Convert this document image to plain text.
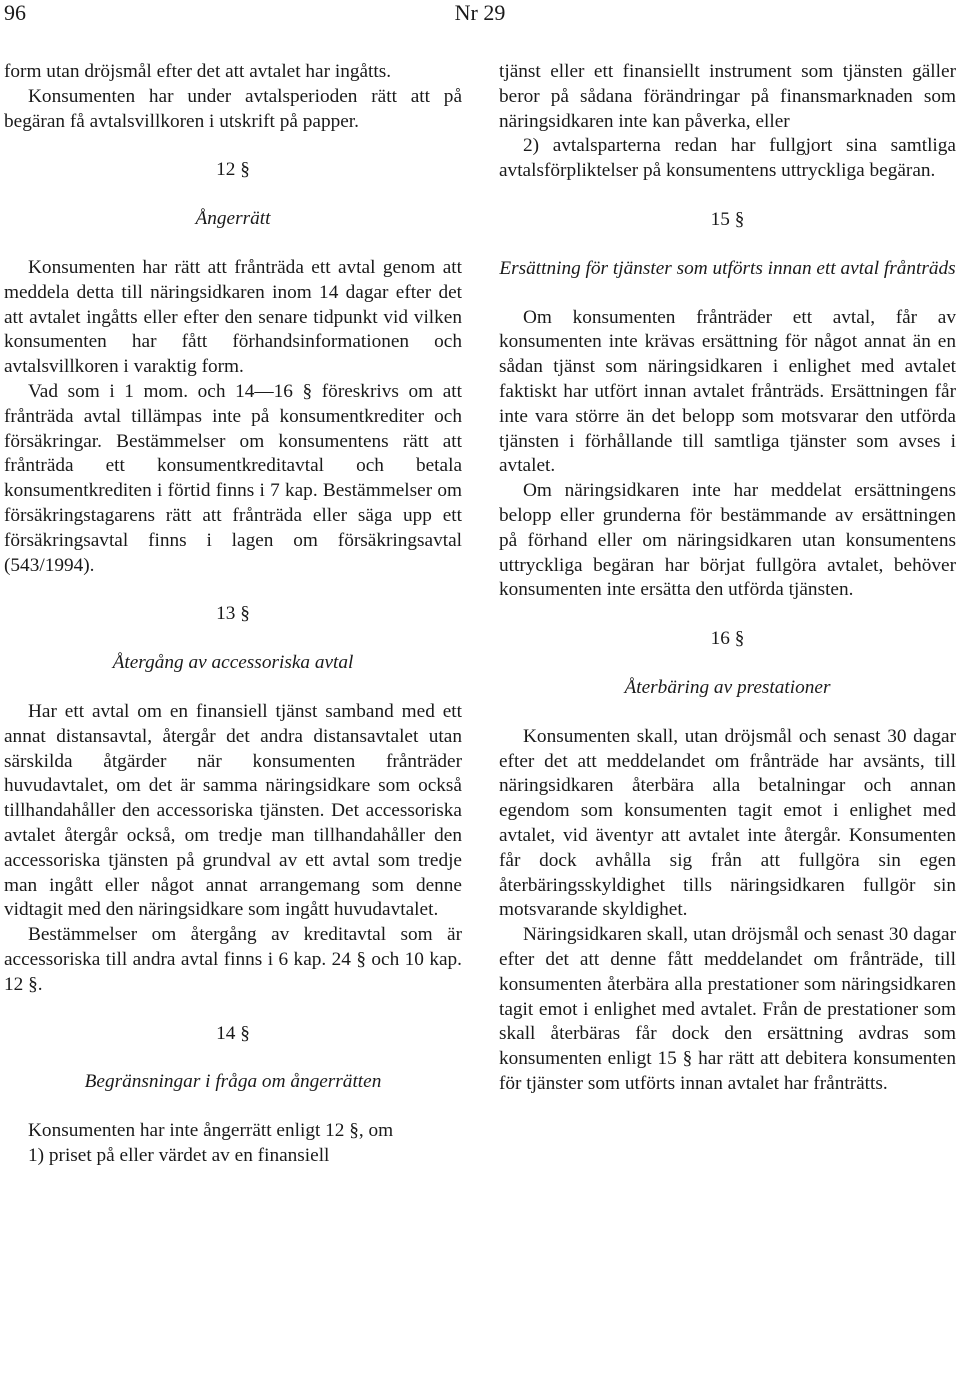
Nr 29
96

form utan dröjsmål efter det att avtalet har ingåtts.

Konsumenten har under avtalsperioden rätt att på begäran få avtalsvillkoren i utskrift på papper.

12 §
Ångerrätt

Konsumenten har rätt att frånträda ett avtal genom att meddela detta till näringsidkaren inom 14 dagar efter det att avtalet ingåtts eller efter den senare tidpunkt vid vilken konsumenten har fått förhandsinformationen och avtalsvillkoren i varaktig form.

Vad som i 1 mom. och 14—16 § föreskrivs om att frånträda avtal tillämpas inte på konsumentkrediter och försäkringar. Bestämmelser om konsumentens rätt att frånträda ett konsumentkreditavtal och betala konsumentkrediten i förtid finns i 7 kap. Bestämmelser om försäkringstagarens rätt att frånträda eller säga upp ett försäkringsavtal finns i lagen om försäkringsavtal (543/1994).

13 §
Återgång av accessoriska avtal

Har ett avtal om en finansiell tjänst samband med ett annat distansavtal, återgår det andra distansavtalet utan särskilda åtgärder när konsumenten frånträder huvudavtalet, om det är samma näringsidkare som också tillhandahåller den accessoriska tjänsten. Det accessoriska avtalet återgår också, om tredje man tillhandahåller den accessoriska tjänsten på grundval av ett avtal som tredje man ingått eller något annat arrangemang som denne vidtagit med den näringsidkare som ingått huvudavtalet.

Bestämmelser om återgång av kreditavtal som är accessoriska till andra avtal finns i 6 kap. 24 § och 10 kap. 12 §.

14 §
Begränsningar i fråga om ångerrätten

Konsumenten har inte ångerrätt enligt 12 §, om

1) priset på eller värdet av en finansiell

tjänst eller ett finansiellt instrument som tjänsten gäller beror på sådana förändringar på finansmarknaden som näringsidkaren inte kan påverka, eller

2) avtalsparterna redan har fullgjort sina samtliga avtalsförpliktelser på konsumentens uttryckliga begäran.

15 §
Ersättning för tjänster som utförts innan ett avtal frånträds

Om konsumenten frånträder ett avtal, får av konsumenten inte krävas ersättning för något annat än en sådan tjänst som näringsidkaren i enlighet med avtalet faktiskt har utfört innan avtalet frånträds. Ersättningen får inte vara större än det belopp som motsvarar den utförda tjänsten i förhållande till samtliga tjänster som avses i avtalet.

Om näringsidkaren inte har meddelat ersättningens belopp eller grunderna för bestämmande av ersättningen på förhand eller om näringsidkaren utan konsumentens uttryckliga begäran har börjat fullgöra avtalet, behöver konsumenten inte ersätta den utförda tjänsten.

16 §
Återbäring av prestationer

Konsumenten skall, utan dröjsmål och senast 30 dagar efter det att meddelandet om frånträde har avsänts, till näringsidkaren återbära alla betalningar och annan egendom som konsumenten tagit emot i enlighet med avtalet, vid äventyr att avtalet inte återgår. Konsumenten får dock avhålla sig från att fullgöra sin egen återbäringsskyldighet tills näringsidkaren fullgör sin motsvarande skyldighet.

Näringsidkaren skall, utan dröjsmål och senast 30 dagar efter det att denne fått meddelandet om frånträde, till konsumenten återbära alla prestationer som näringsidkaren tagit emot i enlighet med avtalet. Från de prestationer som skall återbäras får dock den ersättning avdras som konsumenten enligt 15 § har rätt att debitera konsumenten för tjänster som utförts innan avtalet har frånträtts.
